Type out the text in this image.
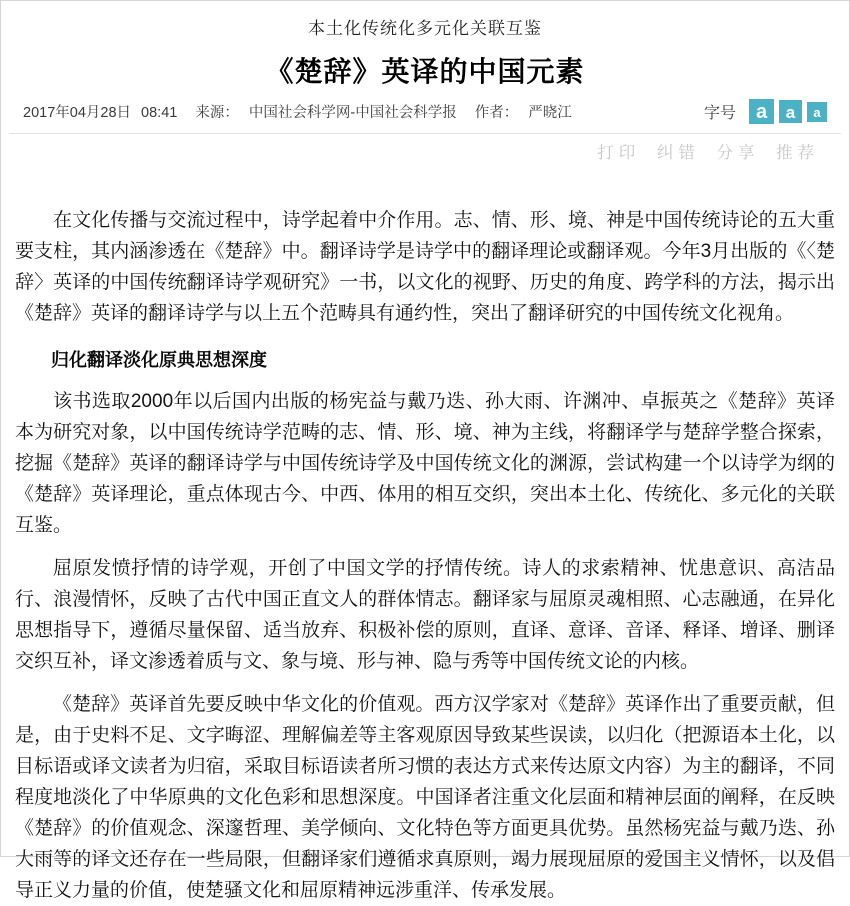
本土化传统化多元化关联互鉴
《楚辞》英译的中国元素
2017年04月28日 08:41 来源： 中国社会科学网-中国社会科学报 作者： 严晓江	字号 a	a	a
打印 纠错 分享 推荐

在文化传播与交流过程中，诗学起着中介作用。志、情、形、境、神是中国传统诗论的五大重要支柱，其内涵渗透在《楚辞》中。翻译诗学是诗学中的翻译理论或翻译观。今年3月出版的《〈楚辞〉英译的中国传统翻译诗学观研究》一书，以文化的视野、历史的角度、跨学科的方法，揭示出《楚辞》英译的翻译诗学与以上五个范畴具有通约性，突出了翻译研究的中国传统文化视角。

归化翻译淡化原典思想深度

该书选取2000年以后国内出版的杨宪益与戴乃迭、孙大雨、许渊冲、卓振英之《楚辞》英译本为研究对象，以中国传统诗学范畴的志、情、形、境、神为主线，将翻译学与楚辞学整合探索，挖掘《楚辞》英译的翻译诗学与中国传统诗学及中国传统文化的渊源，尝试构建一个以诗学为纲的《楚辞》英译理论，重点体现古今、中西、体用的相互交织，突出本土化、传统化、多元化的关联互鉴。

屈原发愤抒情的诗学观，开创了中国文学的抒情传统。诗人的求索精神、忧患意识、高洁品行、浪漫情怀，反映了古代中国正直文人的群体情志。翻译家与屈原灵魂相照、心志融通，在异化思想指导下，遵循尽量保留、适当放弃、积极补偿的原则，直译、意译、音译、释译、增译、删译交织互补，译文渗透着质与文、象与境、形与神、隐与秀等中国传统文论的内核。

《楚辞》英译首先要反映中华文化的价值观。西方汉学家对《楚辞》英译作出了重要贡献，但是，由于史料不足、文字晦涩、理解偏差等主客观原因导致某些误读，以归化（把源语本土化，以目标语或译文读者为归宿，采取目标语读者所习惯的表达方式来传达原文内容）为主的翻译，不同程度地淡化了中华原典的文化色彩和思想深度。中国译者注重文化层面和精神层面的阐释，在反映《楚辞》的价值观念、深邃哲理、美学倾向、文化特色等方面更具优势。虽然杨宪益与戴乃迭、孙大雨等的译文还存在一些局限，但翻译家们遵循求真原则，竭力展现屈原的爱国主义情怀，以及倡导正义力量的价值，使楚骚文化和屈原精神远涉重洋、传承发展。
